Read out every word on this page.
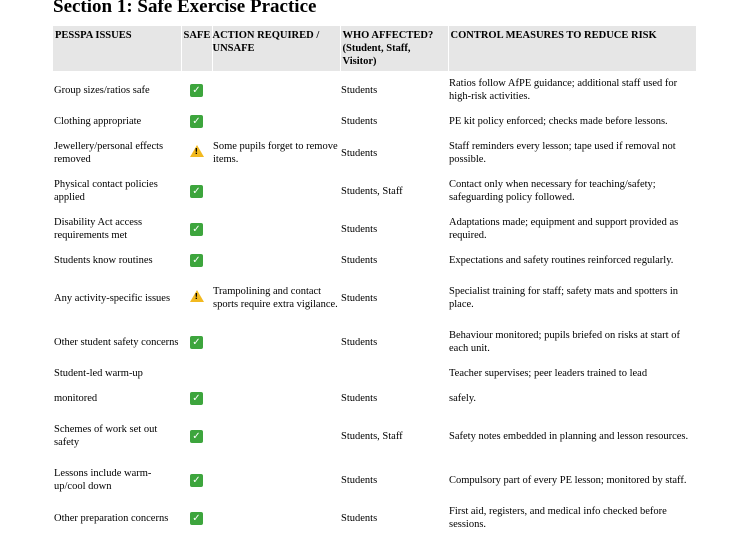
Section 1: Safe Exercise Practice
PESSPA ISSUES	SAFE	ACTION REQUIRED / UNSAFE	WHO AFFECTED? (Student, Staff, Visitor)	CONTROL MEASURES TO REDUCE RISK
Group sizes/ratios safe	✓		Students	Ratios follow AfPE guidance; additional staff used for high-risk activities.
Clothing appropriate	✓		Students	PE kit policy enforced; checks made before lessons.
Jewellery/personal effects removed	!	Some pupils forget to remove items.	Students	Staff reminders every lesson; tape used if removal not possible.
Physical contact policies applied	✓		Students, Staff	Contact only when necessary for teaching/safety; safeguarding policy followed.
Disability Act access requirements met	✓		Students	Adaptations made; equipment and support provided as required.
Students know routines	✓		Students	Expectations and safety routines reinforced regularly.
Any activity-specific issues	!	Trampolining and contact sports require extra vigilance.	Students	Specialist training for staff; safety mats and spotters in place.
Other student safety concerns	✓		Students	Behaviour monitored; pupils briefed on risks at start of each unit.
Student-led warm-up				Teacher supervises; peer leaders trained to lead
monitored	✓		Students	safely.
Schemes of work set out safety	✓		Students, Staff	Safety notes embedded in planning and lesson resources.
Lessons include warm-up/cool down	✓		Students	Compulsory part of every PE lesson; monitored by staff.
Other preparation concerns	✓		Students	First aid, registers, and medical info checked before sessions.
